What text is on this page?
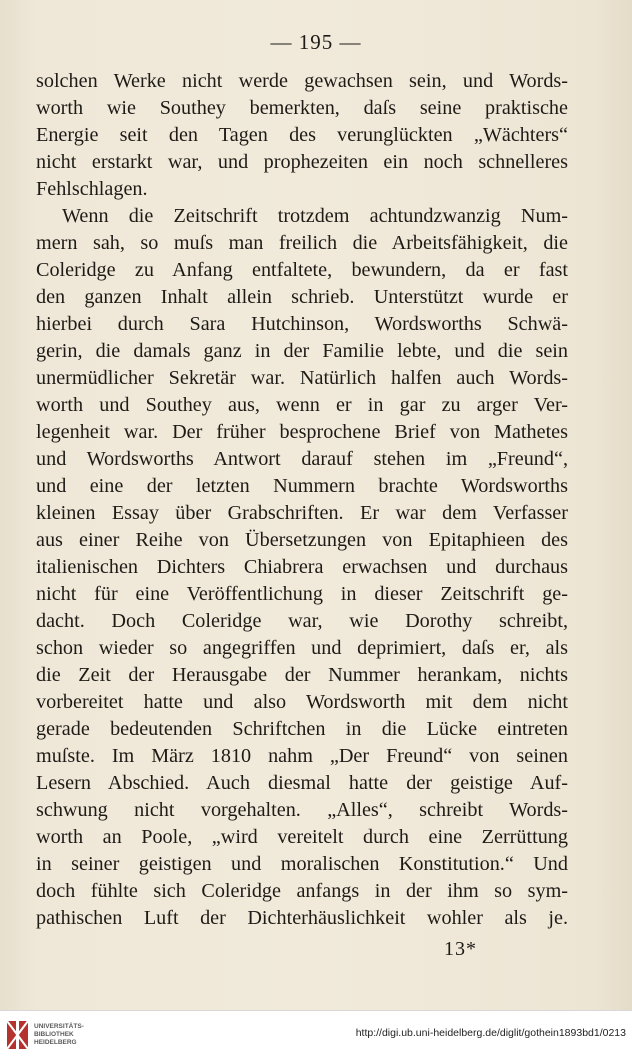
— 195 —
solchen Werke nicht werde gewachsen sein, und Words-
worth wie Southey bemerkten, daſs seine praktische
Energie seit den Tagen des verunglückten „Wächters“
nicht erstarkt war, und prophezeiten ein noch schnelleres
Fehlschlagen.
Wenn die Zeitschrift trotzdem achtundzwanzig Num-
mern sah, so muſs man freilich die Arbeitsfähigkeit, die
Coleridge zu Anfang entfaltete, bewundern, da er fast
den ganzen Inhalt allein schrieb. Unterstützt wurde er
hierbei durch Sara Hutchinson, Wordsworths Schwä-
gerin, die damals ganz in der Familie lebte, und die sein
unermüdlicher Sekretär war. Natürlich halfen auch Words-
worth und Southey aus, wenn er in gar zu arger Ver-
legenheit war. Der früher besprochene Brief von Mathetes
und Wordsworths Antwort darauf stehen im „Freund“,
und eine der letzten Nummern brachte Wordsworths
kleinen Essay über Grabschriften. Er war dem Verfasser
aus einer Reihe von Übersetzungen von Epitaphieen des
italienischen Dichters Chiabrera erwachsen und durchaus
nicht für eine Veröffentlichung in dieser Zeitschrift ge-
dacht. Doch Coleridge war, wie Dorothy schreibt,
schon wieder so angegriffen und deprimiert, daſs er, als
die Zeit der Herausgabe der Nummer herankam, nichts
vorbereitet hatte und also Wordsworth mit dem nicht
gerade bedeutenden Schriftchen in die Lücke eintreten
muſste. Im März 1810 nahm „Der Freund“ von seinen
Lesern Abschied. Auch diesmal hatte der geistige Auf-
schwung nicht vorgehalten. „Alles“, schreibt Words-
worth an Poole, „wird vereitelt durch eine Zerrüttung
in seiner geistigen und moralischen Konstitution.“ Und
doch fühlte sich Coleridge anfangs in der ihm so sym-
pathischen Luft der Dichterhäuslichkeit wohler als je.
13*
UNIVERSITÄTS-
BIBLIOTHEK
HEIDELBERG
http://digi.ub.uni-heidelberg.de/diglit/gothein1893bd1/0213
